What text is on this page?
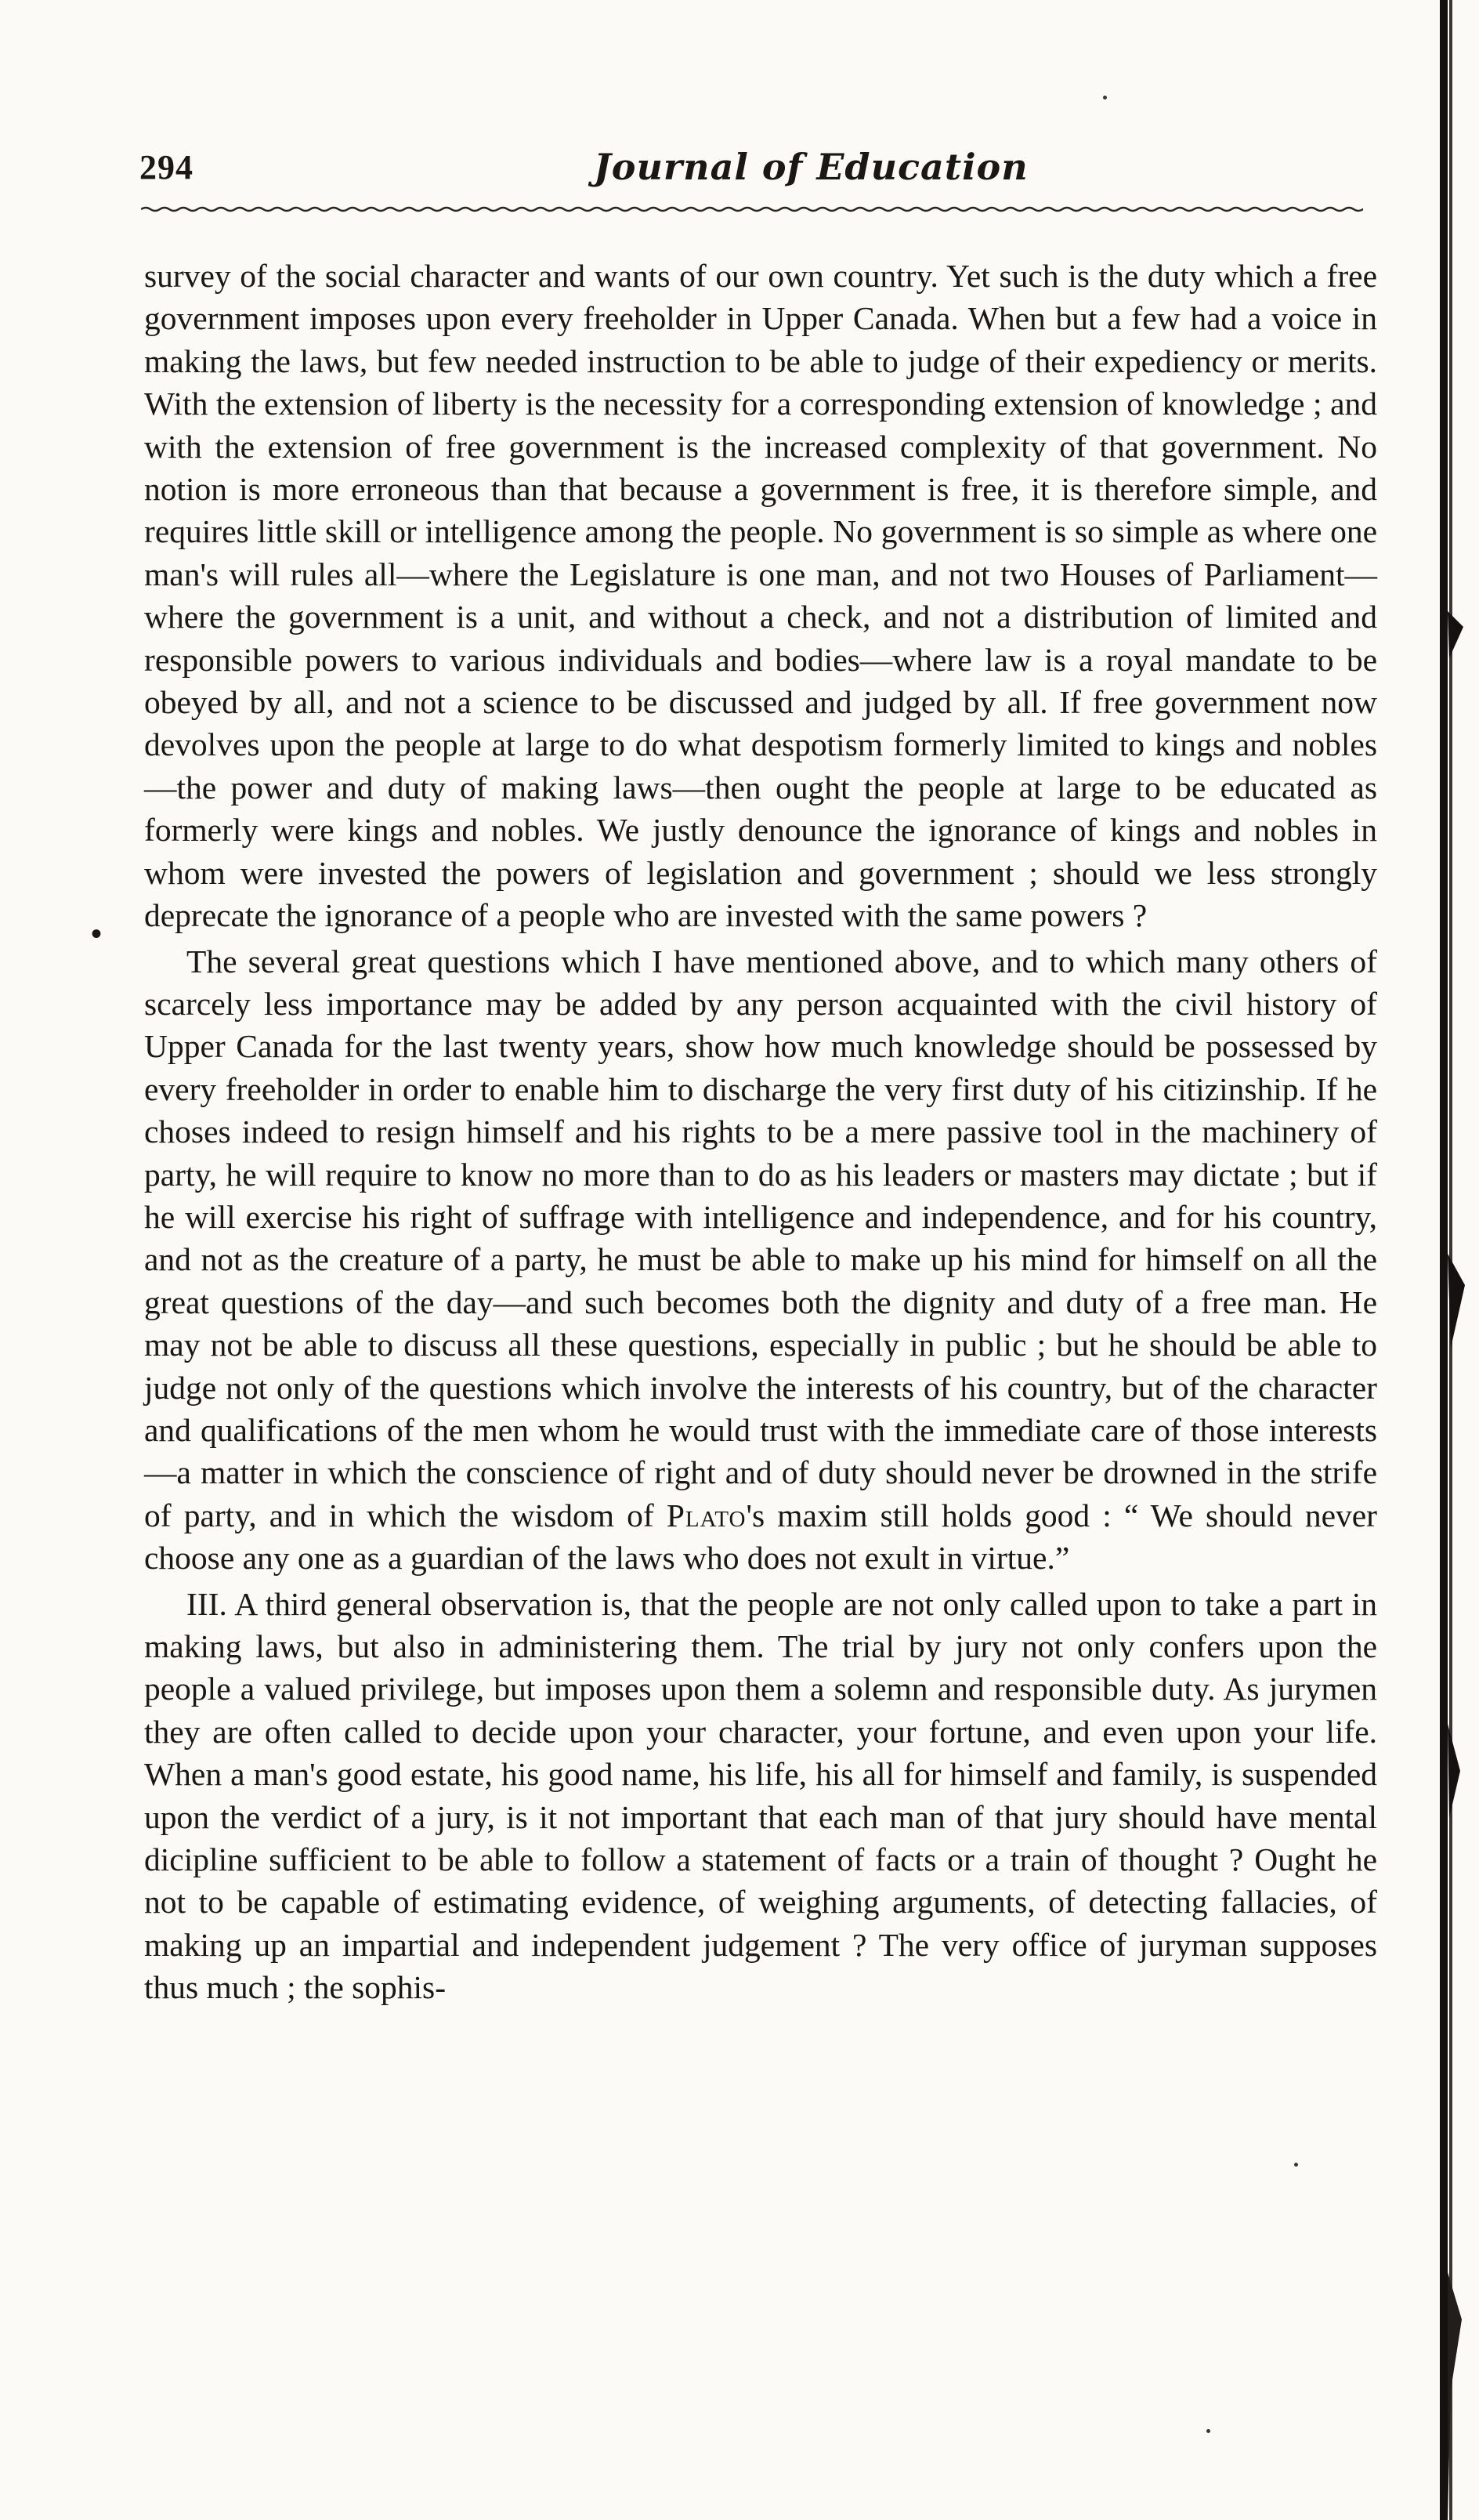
294	Journal of Education
•

survey of the social character and wants of our own country. Yet such is the duty which a free government imposes upon every freeholder in Upper Canada. When but a few had a voice in making the laws, but few needed instruction to be able to judge of their expediency or merits. With the extension of liberty is the necessity for a corresponding extension of knowledge ; and with the extension of free government is the increased complexity of that government. No notion is more erroneous than that because a government is free, it is therefore simple, and requires little skill or intelligence among the people. No government is so simple as where one man's will rules all—where the Legislature is one man, and not two Houses of Parliament—where the government is a unit, and without a check, and not a distribution of limited and responsible powers to various individuals and bodies—where law is a royal mandate to be obeyed by all, and not a science to be discussed and judged by all. If free government now devolves upon the people at large to do what despotism formerly limited to kings and nobles—the power and duty of making laws—then ought the people at large to be educated as formerly were kings and nobles. We justly denounce the ignorance of kings and nobles in whom were invested the powers of legislation and government ; should we less strongly deprecate the ignorance of a people who are invested with the same powers ?

The several great questions which I have mentioned above, and to which many others of scarcely less importance may be added by any person acquainted with the civil history of Upper Canada for the last twenty years, show how much knowledge should be possessed by every freeholder in order to enable him to discharge the very first duty of his citizinship. If he choses indeed to resign himself and his rights to be a mere passive tool in the machinery of party, he will require to know no more than to do as his leaders or masters may dictate ; but if he will exercise his right of suffrage with intelligence and independence, and for his country, and not as the creature of a party, he must be able to make up his mind for himself on all the great questions of the day—and such becomes both the dignity and duty of a free man. He may not be able to discuss all these questions, especially in public ; but he should be able to judge not only of the questions which involve the interests of his country, but of the character and qualifications of the men whom he would trust with the immediate care of those interests—a matter in which the conscience of right and of duty should never be drowned in the strife of party, and in which the wisdom of Plato's maxim still holds good : “ We should never choose any one as a guardian of the laws who does not exult in virtue.”

III. A third general observation is, that the people are not only called upon to take a part in making laws, but also in administering them. The trial by jury not only confers upon the people a valued privilege, but imposes upon them a solemn and responsible duty. As jurymen they are often called to decide upon your character, your fortune, and even upon your life. When a man's good estate, his good name, his life, his all for himself and family, is suspended upon the verdict of a jury, is it not important that each man of that jury should have mental dicipline sufficient to be able to follow a statement of facts or a train of thought ? Ought he not to be capable of estimating evidence, of weighing arguments, of detecting fallacies, of making up an impartial and independent judgement ? The very office of juryman supposes thus much ; the sophis-
